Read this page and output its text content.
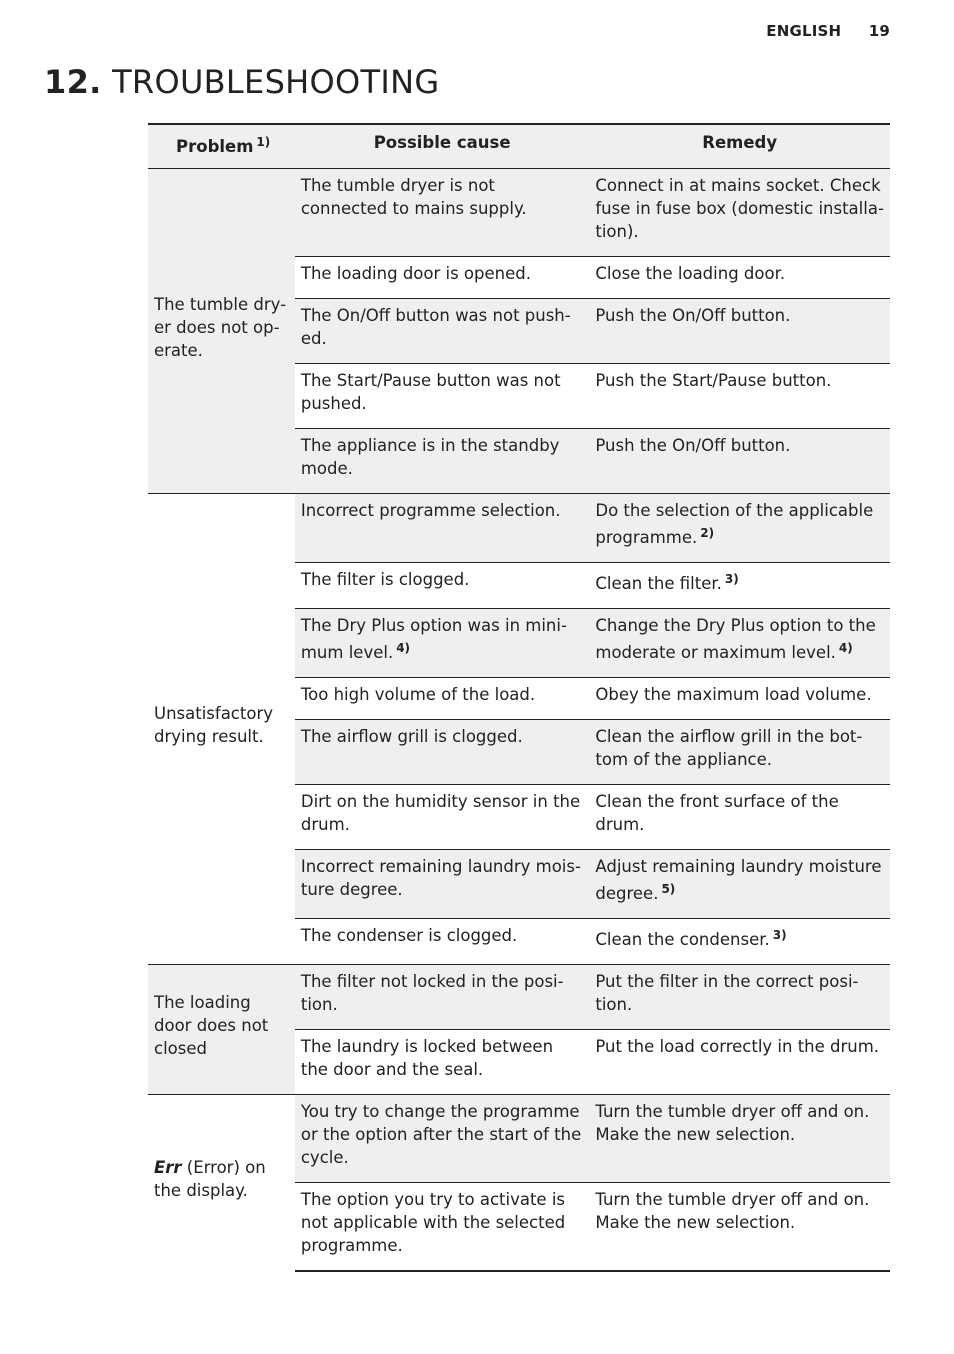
ENGLISH 19
12. TROUBLESHOOTING
Problem $^{1)}$	Possible cause	Remedy
The tumble dry-er does not op-erate.	The tumble dryer is not connected to mains supply.	Connect in at mains socket. Check fuse in fuse box (domestic installa-tion).
	The loading door is opened.	Close the loading door.
	The On/Off button was not push-ed.	Push the On/Off button.
	The Start/Pause button was not pushed.	Push the Start/Pause button.
	The appliance is in the standby mode.	Push the On/Off button.
Unsatisfactory drying result.	Incorrect programme selection.	Do the selection of the applicable programme. $^{2)}$
	The filter is clogged.	Clean the filter. $^{3)}$
	The Dry Plus option was in mini-mum level. $^{4)}$	Change the Dry Plus option to the moderate or maximum level. $^{4)}$
	Too high volume of the load.	Obey the maximum load volume.
	The airflow grill is clogged.	Clean the airflow grill in the bot-tom of the appliance.
	Dirt on the humidity sensor in the drum.	Clean the front surface of the drum.
	Incorrect remaining laundry mois-ture degree.	Adjust remaining laundry moisture degree. $^{5)}$
	The condenser is clogged.	Clean the condenser. $^{3)}$
The loading door does not closed	The filter not locked in the posi-tion.	Put the filter in the correct posi-tion.
	The laundry is locked between the door and the seal.	Put the load correctly in the drum.
Err (Error) on the display.	You try to change the programme or the option after the start of the cycle.	Turn the tumble dryer off and on. Make the new selection.
	The option you try to activate is not applicable with the selected programme.	Turn the tumble dryer off and on. Make the new selection.
